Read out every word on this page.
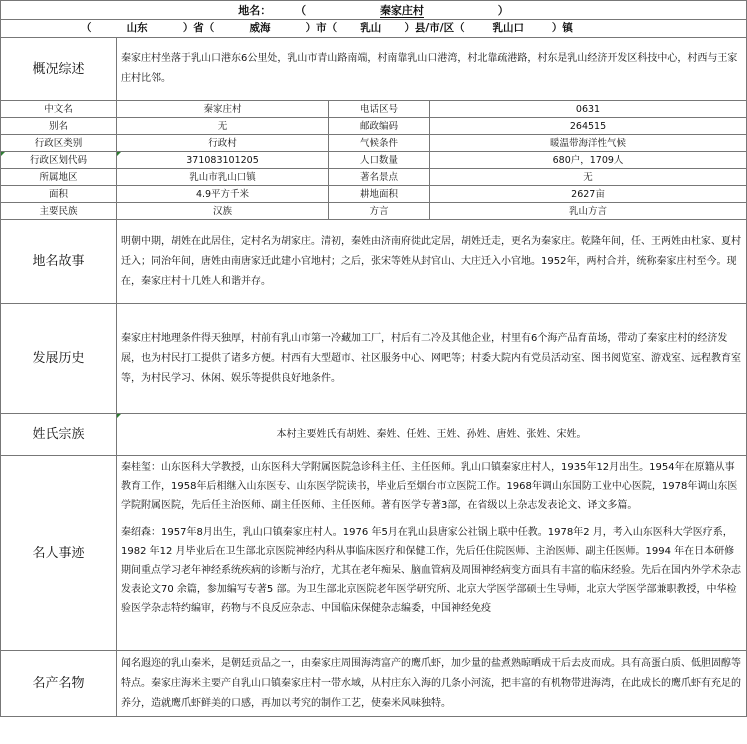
地名： （ 秦家庄村 ）			
（ 山东 ）省（ 威海 ）市（ 乳山 ）县/市/区（ 乳山口 ）镇			
概况综述	秦家庄村坐落于乳山口港东6公里处，乳山市青山路南端，村南靠乳山口港湾，村北靠疏港路，村东是乳山经济开发区科技中心，村西与王家庄村比邻。		
中文名	秦家庄村	电话区号	0631
别名	无	邮政编码	264515
行政区类别	行政村	气候条件	暖温带海洋性气候
行政区划代码	371083101205	人口数量	680户，1709人
所属地区	乳山市乳山口镇	著名景点	无
面积	4.9平方千米	耕地面积	2627亩
主要民族	汉族	方言	乳山方言
地名故事	明朝中期，胡姓在此居住，定村名为胡家庄。清初，秦姓由济南府徙此定居，胡姓迁走，更名为秦家庄。乾隆年间，任、王两姓由杜家、夏村迁入；同治年间，唐姓由南唐家迁此建小官地村；之后，张宋等姓从封官山、大庄迁入小官地。1952年，两村合并，统称秦家庄村至今。现在，秦家庄村十几姓人和谐并存。		
发展历史	秦家庄村地理条件得天独厚，村前有乳山市第一冷藏加工厂，村后有二冷及其他企业，村里有6个海产品育苗场，带动了秦家庄村的经济发展，也为村民打工提供了诸多方便。村西有大型超市、社区服务中心、网吧等；村委大院内有党员活动室、图书阅览室、游戏室、远程教育室等，为村民学习、休闲、娱乐等提供良好地条件。		
姓氏宗族	本村主要姓氏有胡姓、秦姓、任姓、王姓、孙姓、唐姓、张姓、宋姓。		
名人事迹	秦桂玺：山东医科大学教授，山东医科大学附属医院急诊科主任、主任医师。乳山口镇秦家庄村人，1935年12月出生。1954年在原籍从事教育工作，1958年后相继入山东医专、山东医学院读书，毕业后至烟台市立医院工作。1968年调山东国防工业中心医院，1978年调山东医学院附属医院，先后任主治医师、副主任医师、主任医师。著有医学专著3部，在省级以上杂志发表论文、译文多篇。

秦绍森：1957年8月出生，乳山口镇秦家庄村人。1976 年5月在乳山县唐家公社锅上联中任教。1978年2 月，考入山东医科大学医疗系，1982 年12 月毕业后在卫生部北京医院神经内科从事临床医疗和保健工作，先后任住院医师、主治医师、副主任医师。1994 年在日本研修期间重点学习老年神经系统疾病的诊断与治疗，尤其在老年痴呆、脑血管病及周围神经病变方面具有丰富的临床经验。先后在国内外学术杂志发表论文70 余篇，参加编写专著5 部。为卫生部北京医院老年医学研究所、北京大学医学部硕士生导师，北京大学医学部兼职教授，中华检验医学杂志特约编审，药物与不良反应杂志、中国临床保健杂志编委，中国神经免疫		

名产名物	闻名遐迩的乳山秦米，是朝廷贡品之一，由秦家庄周围海湾富产的鹰爪虾，加少量的盐煮熟晾晒成干后去皮而成。具有高蛋白质、低胆固醇等特点。秦家庄海米主要产自乳山口镇秦家庄村一带水域，从村庄东入海的几条小河流，把丰富的有机物带进海湾，在此成长的鹰爪虾有充足的养分，造就鹰爪虾鲜美的口感，再加以考究的制作工艺，使秦米风味独特。		
